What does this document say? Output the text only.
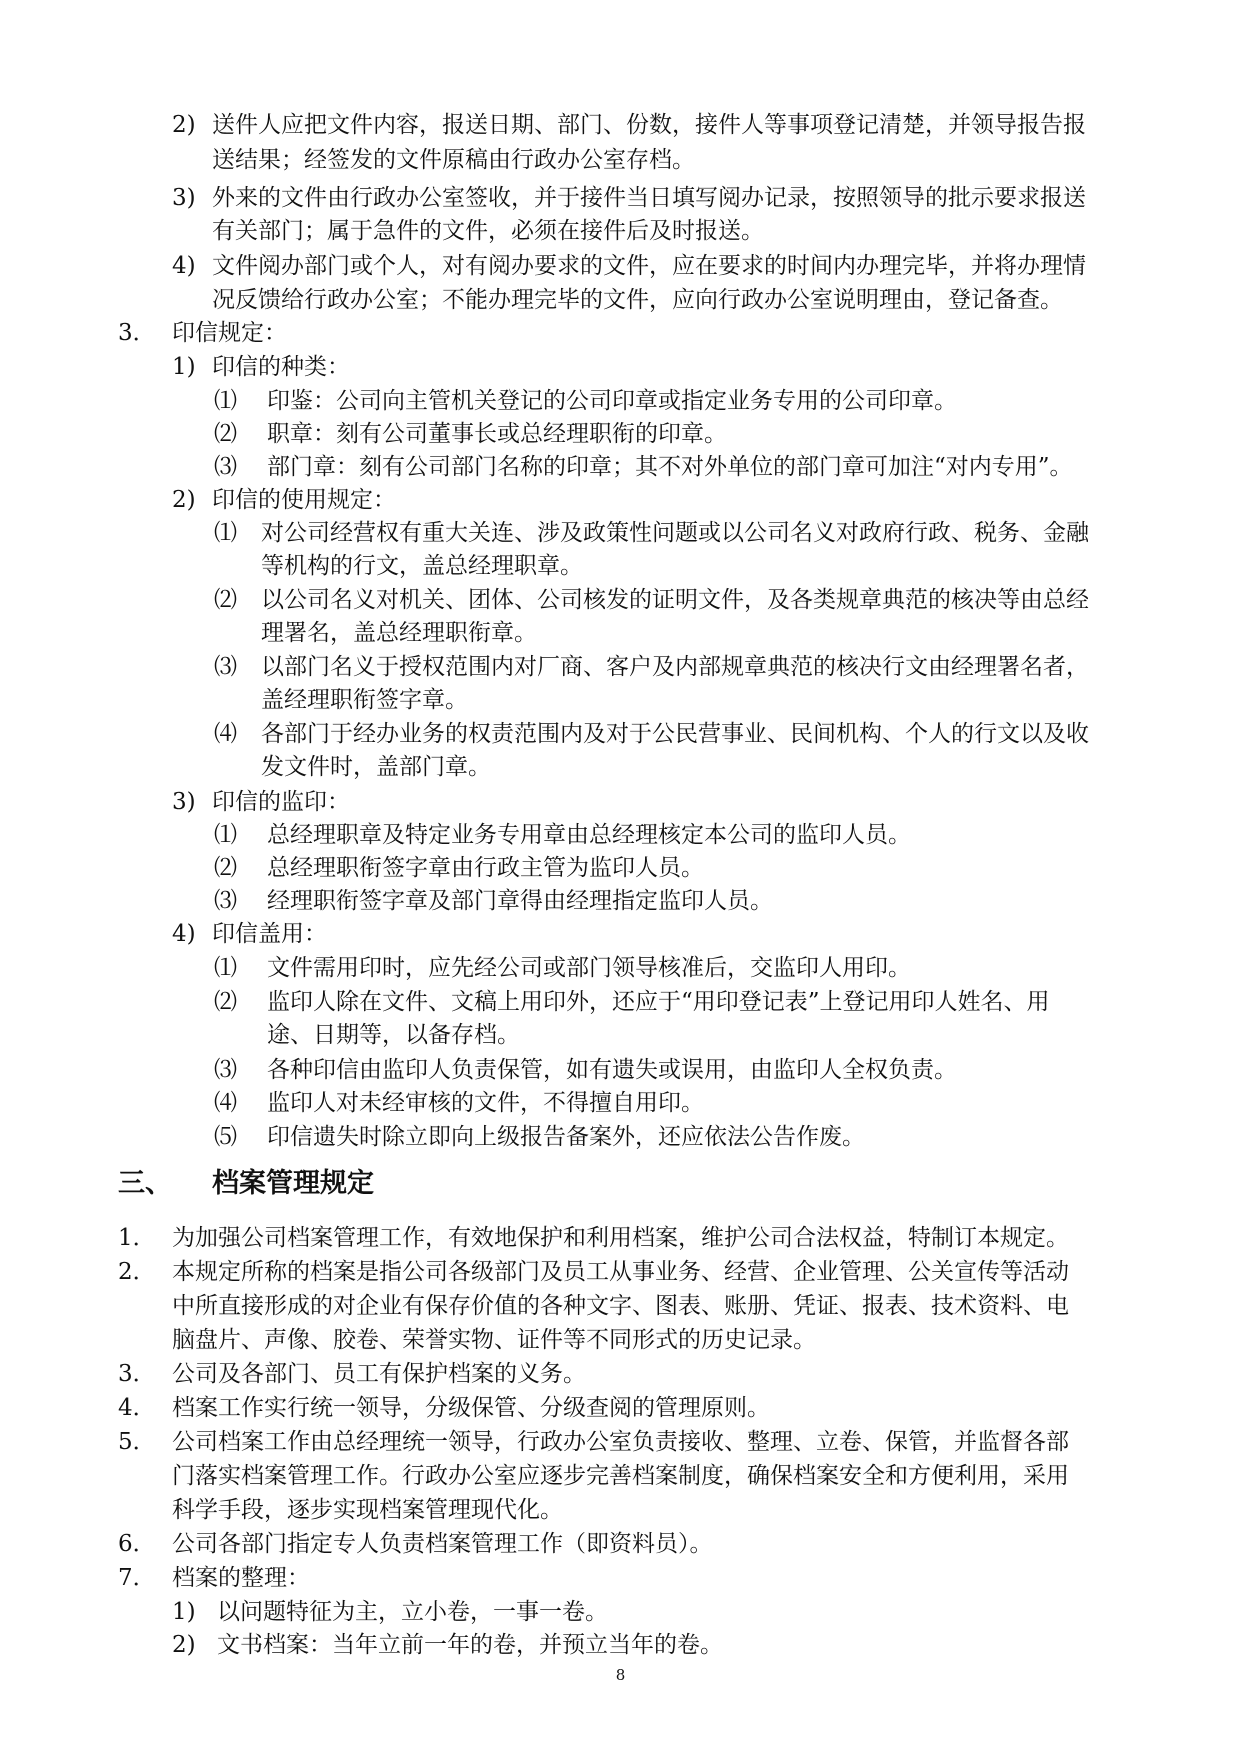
2) 送件人应把文件内容，报送日期、部门、份数，接件人等事项登记清楚，并领导报告报
送结果；经签发的文件原稿由行政办公室存档。
3) 外来的文件由行政办公室签收，并于接件当日填写阅办记录，按照领导的批示要求报送
有关部门；属于急件的文件，必须在接件后及时报送。
4) 文件阅办部门或个人，对有阅办要求的文件，应在要求的时间内办理完毕，并将办理情
况反馈给行政办公室；不能办理完毕的文件，应向行政办公室说明理由，登记备查。
3． 印信规定：
1) 印信的种类：
⑴ 印鉴：公司向主管机关登记的公司印章或指定业务专用的公司印章。
⑵ 职章：刻有公司董事长或总经理职衔的印章。
⑶ 部门章：刻有公司部门名称的印章；其不对外单位的部门章可加注“对内专用”。
2) 印信的使用规定：
⑴ 对公司经营权有重大关连、涉及政策性问题或以公司名义对政府行政、税务、金融
等机构的行文，盖总经理职章。
⑵ 以公司名义对机关、团体、公司核发的证明文件，及各类规章典范的核决等由总经
理署名，盖总经理职衔章。
⑶ 以部门名义于授权范围内对厂商、客户及内部规章典范的核决行文由经理署名者，
盖经理职衔签字章。
⑷ 各部门于经办业务的权责范围内及对于公民营事业、民间机构、个人的行文以及收
发文件时，盖部门章。
3) 印信的监印：
⑴ 总经理职章及特定业务专用章由总经理核定本公司的监印人员。
⑵ 总经理职衔签字章由行政主管为监印人员。
⑶ 经理职衔签字章及部门章得由经理指定监印人员。
4) 印信盖用：
⑴ 文件需用印时，应先经公司或部门领导核准后，交监印人用印。
⑵ 监印人除在文件、文稿上用印外，还应于“用印登记表”上登记用印人姓名、用
途、日期等，以备存档。
⑶ 各种印信由监印人负责保管，如有遗失或误用，由监印人全权负责。
⑷ 监印人对未经审核的文件，不得擅自用印。
⑸ 印信遗失时除立即向上级报告备案外，还应依法公告作废。
三、 档案管理规定
1． 为加强公司档案管理工作，有效地保护和利用档案，维护公司合法权益，特制订本规定。
2． 本规定所称的档案是指公司各级部门及员工从事业务、经营、企业管理、公关宣传等活动
中所直接形成的对企业有保存价值的各种文字、图表、账册、凭证、报表、技术资料、电
脑盘片、声像、胶卷、荣誉实物、证件等不同形式的历史记录。
3． 公司及各部门、员工有保护档案的义务。
4． 档案工作实行统一领导，分级保管、分级查阅的管理原则。
5． 公司档案工作由总经理统一领导，行政办公室负责接收、整理、立卷、保管，并监督各部
门落实档案管理工作。行政办公室应逐步完善档案制度，确保档案安全和方便利用，采用
科学手段，逐步实现档案管理现代化。
6． 公司各部门指定专人负责档案管理工作（即资料员）。
7． 档案的整理：
1) 以问题特征为主，立小卷，一事一卷。
2) 文书档案：当年立前一年的卷，并预立当年的卷。
8
